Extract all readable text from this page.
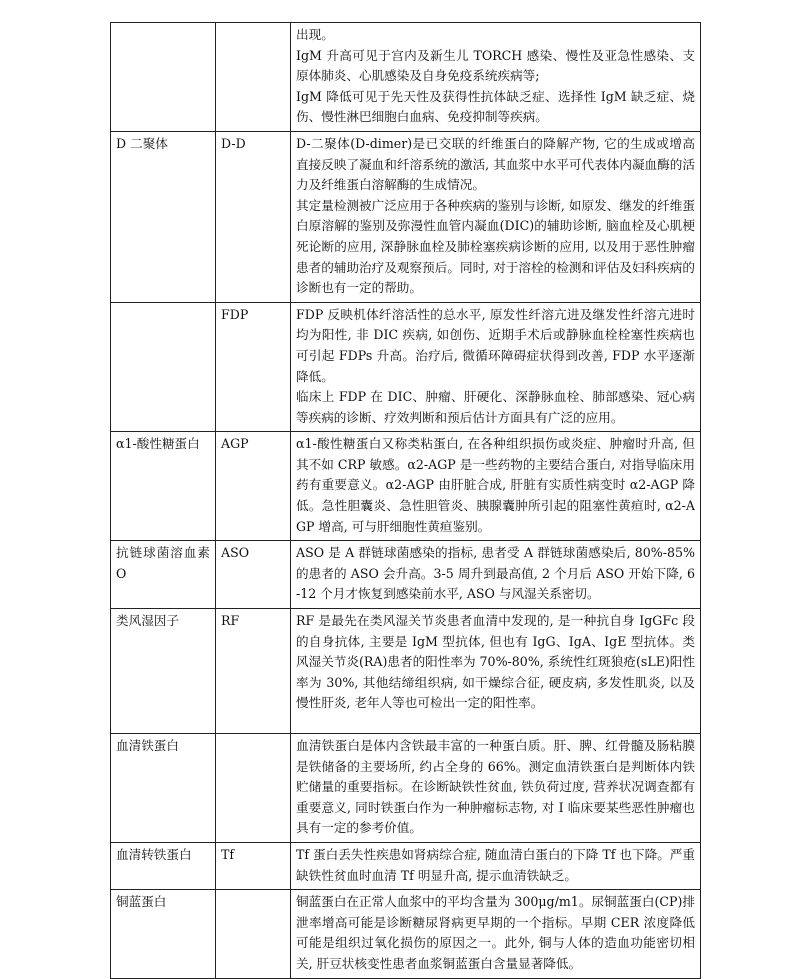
		出现。
IgM 升高可见于宫内及新生儿 TORCH 感染、慢性及亚急性感染、支原体肺炎、心肌感染及自身免疫系统疾病等;
IgM 降低可见于先天性及获得性抗体缺乏症、选择性 IgM 缺乏症、烧伤、慢性淋巴细胞白血病、免疫抑制等疾病。

D 二聚体	D-D	D-二聚体(D-dimer)是已交联的纤维蛋白的降解产物, 它的生成或增高直接反映了凝血和纤溶系统的激活, 其血浆中水平可代表体内凝血酶的活力及纤维蛋白溶解酶的生成情况。
其定量检测被广泛应用于各种疾病的鉴别与诊断, 如原发、继发的纤维蛋白原溶解的鉴别及弥漫性血管内凝血(DIC)的辅助诊断, 脑血栓及心肌梗死论断的应用, 深静脉血栓及肺栓塞疾病诊断的应用, 以及用于恶性肿瘤患者的辅助治疗及观察预后。同时, 对于溶栓的检测和评估及妇科疾病的诊断也有一定的帮助。

	FDP	FDP 反映机体纤溶活性的总水平, 原发性纤溶亢进及继发性纤溶亢进时均为阳性, 非 DIC 疾病, 如创伤、近期手术后或静脉血栓栓塞性疾病也可引起 FDPs 升高。治疗后, 微循环障碍症状得到改善, FDP 水平逐渐降低。
临床上 FDP 在 DIC、肿瘤、肝硬化、深静脉血栓、肺部感染、冠心病等疾病的诊断、疗效判断和预后估计方面具有广泛的应用。

α1-酸性糖蛋白	AGP	α1-酸性糖蛋白又称类粘蛋白, 在各种组织损伤或炎症、肿瘤时升高, 但其不如 CRP 敏感。α2-AGP 是一些药物的主要结合蛋白, 对指导临床用药有重要意义。α2-AGP 由肝脏合成, 肝脏有实质性病变时 α2-AGP 降低。急性胆囊炎、急性胆管炎、胰腺囊肿所引起的阻塞性黄疸时, α2-AGP 增高, 可与肝细胞性黄疸鉴别。

抗链球菌溶血素 O	ASO	ASO 是 A 群链球菌感染的指标, 患者受 A 群链球菌感染后, 80%-85%的患者的 ASO 会升高。3-5 周升到最高值, 2 个月后 ASO 开始下降, 6-12 个月才恢复到感染前水平, ASO 与风湿关系密切。

类风湿因子	RF	RF 是最先在类风湿关节炎患者血清中发现的, 是一种抗自身 IgGFc 段的自身抗体, 主要是 IgM 型抗体, 但也有 IgG、IgA、IgE 型抗体。类风湿关节炎(RA)患者的阳性率为 70%-80%, 系统性红斑狼疮(sLE)阳性率为 30%, 其他结缔组织病, 如干燥综合征, 硬皮病, 多发性肌炎, 以及慢性肝炎, 老年人等也可检出一定的阳性率。

血清铁蛋白		血清铁蛋白是体内含铁最丰富的一种蛋白质。肝、脾、红骨髓及肠粘膜是铁储备的主要场所, 约占全身的 66%。测定血清铁蛋白是判断体内铁贮储量的重要指标。在诊断缺铁性贫血, 铁负荷过度, 营养状况调查都有重要意义, 同时铁蛋白作为一种肿瘤标志物, 对 I 临床要某些恶性肿瘤也具有一定的参考价值。

血清转铁蛋白	Tf	Tf 蛋白丢失性疾患如肾病综合症, 随血清白蛋白的下降 Tf 也下降。严重缺铁性贫血时血清 Tf 明显升高, 提示血清铁缺乏。

铜蓝蛋白		铜蓝蛋白在正常人血浆中的平均含量为 300μg/m1。尿铜蓝蛋白(CP)排泄率增高可能是诊断糖尿肾病更早期的一个指标。早期 CER 浓度降低可能是组织过氧化损伤的原因之一。此外, 铜与人体的造血功能密切相关, 肝豆状核变性患者血浆铜蓝蛋白含量显著降低。
